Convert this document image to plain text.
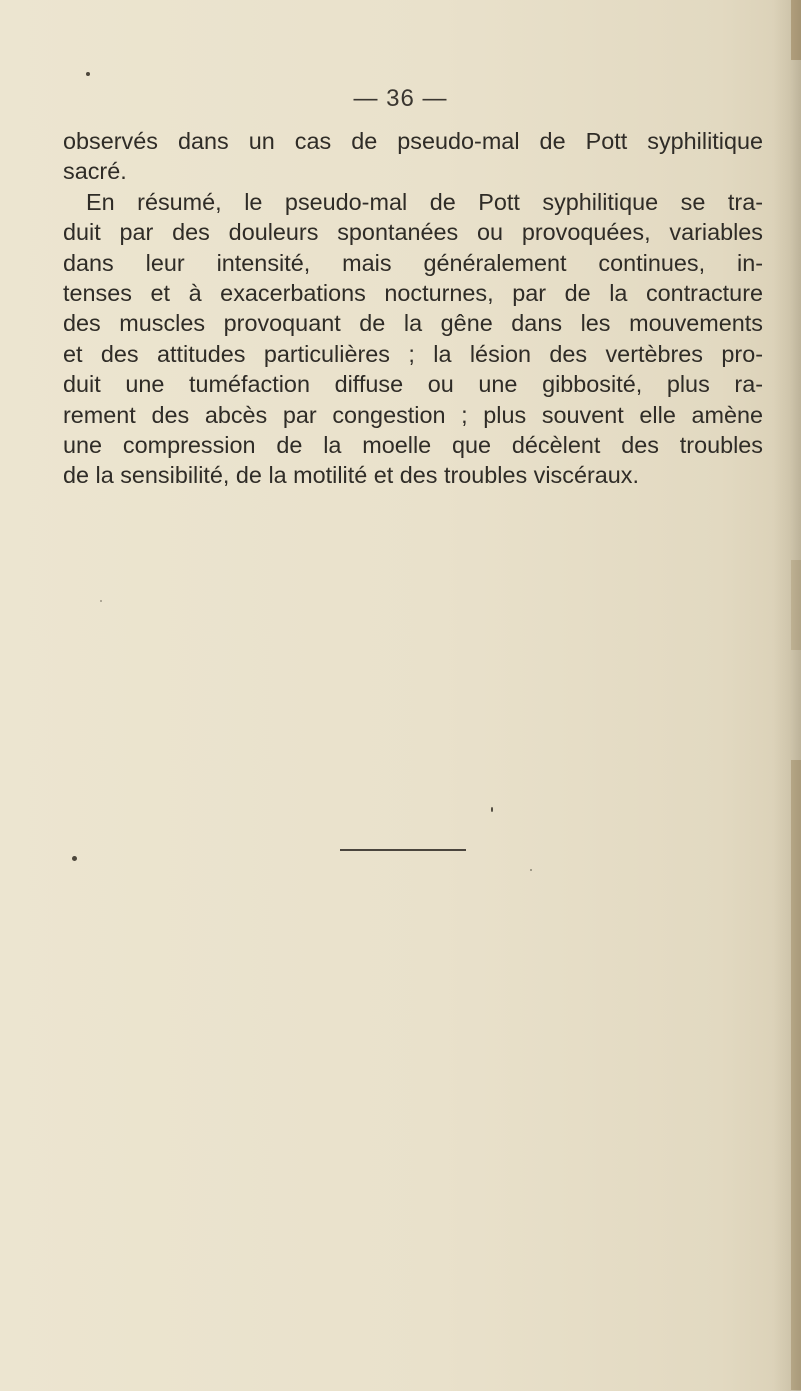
— 36 —
observés dans un cas de pseudo-mal de Pott syphilitique
sacré.
En résumé, le pseudo-mal de Pott syphilitique se tra-
duit par des douleurs spontanées ou provoquées, variables
dans leur intensité, mais généralement continues, in-
tenses et à exacerbations nocturnes, par de la contracture
des muscles provoquant de la gêne dans les mouvements
et des attitudes particulières ; la lésion des vertèbres pro-
duit une tuméfaction diffuse ou une gibbosité, plus ra-
rement des abcès par congestion ; plus souvent elle amène
une compression de la moelle que décèlent des troubles
de la sensibilité, de la motilité et des troubles viscéraux.
